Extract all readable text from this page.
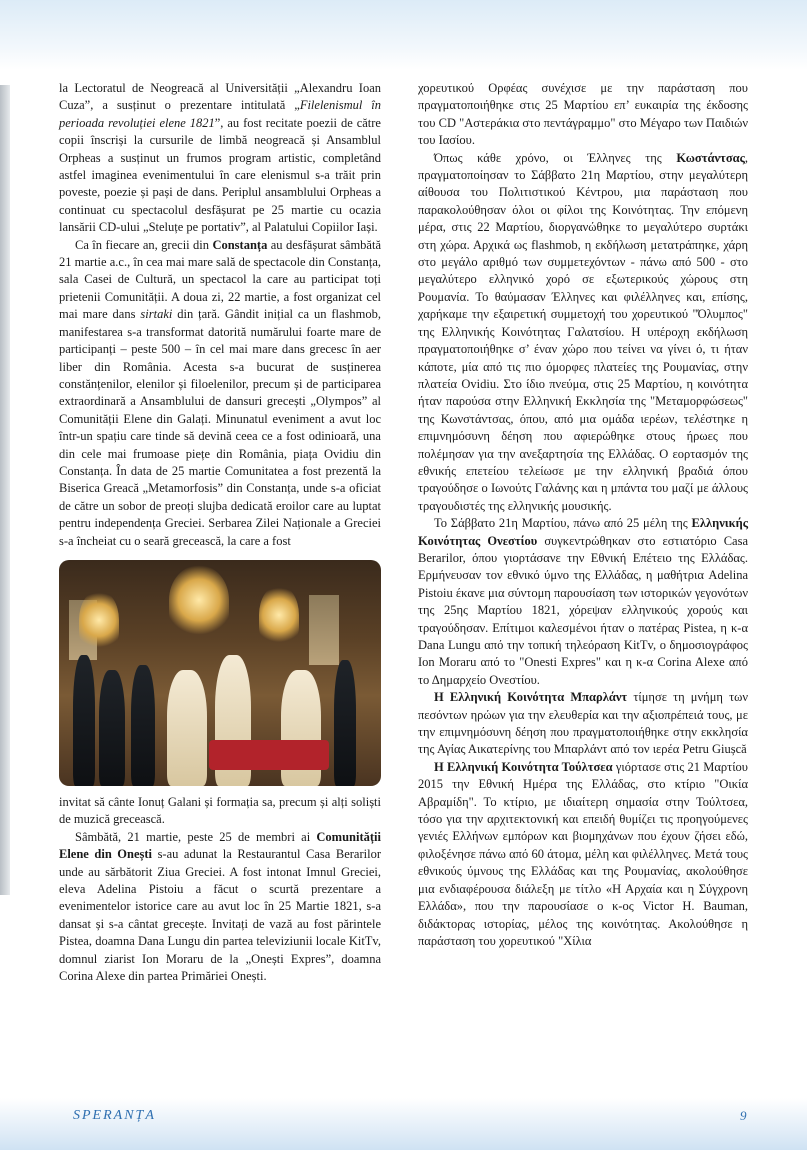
la Lectoratul de Neogreacă al Universității „Alexandru Ioan Cuza”, a susținut o prezentare intitulată „Filelenismul în perioada revoluției elene 1821”, au fost recitate poezii de către copii înscriși la cursurile de limbă neogreacă și Ansamblul Orpheas a susținut un frumos program artistic, completând astfel imaginea evenimentului în care elenismul s-a trăit prin poveste, poezie și pași de dans. Periplul ansamblului Orpheas a continuat cu spectacolul desfășurat pe 25 martie cu ocazia lansării CD-ului „Steluțe pe portativ”, al Palatului Copiilor Iași.

Ca în fiecare an, grecii din Constanța au desfășurat sâmbătă 21 martie a.c., în cea mai mare sală de spectacole din Constanța, sala Casei de Cultură, un spectacol la care au participat toți prietenii Comunității. A doua zi, 22 martie, a fost organizat cel mai mare dans sirtaki din țară. Gândit inițial ca un flashmob, manifestarea s-a transformat datorită numărului foarte mare de participanți – peste 500 – în cel mai mare dans grecesc în aer liber din România. Acesta s-a bucurat de susținerea constănțenilor, elenilor și filoelenilor, precum și de participarea extraordinară a Ansamblului de dansuri grecești „Olympos” al Comunității Elene din Galați. Minunatul eveniment a avut loc într-un spațiu care tinde să devină ceea ce a fost odinioară, una din cele mai frumoase piețe din România, piața Ovidiu din Constanța. În data de 25 martie Comunitatea a fost prezentă la Biserica Greacă „Metamorfosis” din Constanța, unde s-a oficiat de către un sobor de preoți slujba dedicată eroilor care au luptat pentru independența Greciei. Serbarea Zilei Naționale a Greciei s-a încheiat cu o seară grecească, la care a fost

invitat să cânte Ionuț Galani și formația sa, precum și alți soliști de muzică grecească.

Sâmbătă, 21 martie, peste 25 de membri ai Comunității Elene din Onești s-au adunat la Restaurantul Casa Berarilor unde au sărbătorit Ziua Greciei. A fost intonat Imnul Greciei, eleva Adelina Pistoiu a făcut o scurtă prezentare a evenimentelor istorice care au avut loc în 25 Martie 1821, s-a dansat și s-a cântat grecește. Invitați de vază au fost părintele Pistea, doamna Dana Lungu din partea televiziunii locale KitTv, domnul ziarist Ion Moraru de la „Onești Expres”, doamna Corina Alexe din partea Primăriei Onești.

χορευτικού Ορφέας συνέχισε με την παράσταση που πραγματοποιήθηκε στις 25 Μαρτίου επ’ ευκαιρία της έκδοσης του CD "Αστεράκια στο πεντάγραμμο" στο Μέγαρο των Παιδιών του Ιασίου.

Όπως κάθε χρόνο, οι Έλληνες της Κωστάντσας, πραγματοποίησαν το Σάββατο 21η Μαρτίου, στην μεγαλύτερη αίθουσα του Πολιτιστικού Κέντρου, μια παράσταση που παρακολούθησαν όλοι οι φίλοι της Κοινότητας. Την επόμενη μέρα, στις 22 Μαρτίου, διοργανώθηκε το μεγαλύτερο συρτάκι στη χώρα. Αρχικά ως flashmob, η εκδήλωση μετατράπηκε, χάρη στο μεγάλο αριθμό των συμμετεχόντων - πάνω από 500 - στο μεγαλύτερο ελληνικό χορό σε εξωτερικούς χώρους στη Ρουμανία. Το θαύμασαν Έλληνες και φιλέλληνες και, επίσης, χαρήκαμε την εξαιρετική συμμετοχή του χορευτικού "Όλυμπος" της Ελληνικής Κοινότητας Γαλατσίου. Η υπέροχη εκδήλωση πραγματοποιήθηκε σ’ έναν χώρο που τείνει να γίνει ό, τι ήταν κάποτε, μία από τις πιο όμορφες πλατείες της Ρουμανίας, στην πλατεία Ovidiu. Στο ίδιο πνεύμα, στις 25 Μαρτίου, η κοινότητα ήταν παρούσα στην Ελληνική Εκκλησία της "Μεταμορφώσεως" της Κωνστάντσας, όπου, από μια ομάδα ιερέων, τελέστηκε η επιμνημόσυνη δέηση που αφιερώθηκε στους ήρωες που πολέμησαν για την ανεξαρτησία της Ελλάδας. Ο εορτασμόν της εθνικής επετείου τελείωσε με την ελληνική βραδιά όπου τραγούδησε ο Ιωνούτς Γαλάνης και η μπάντα του μαζί με άλλους τραγουδιστές της ελληνικής μουσικής.

Το Σάββατο 21η Μαρτίου, πάνω από 25 μέλη της Ελληνικής Κοινότητας Ονεστίου συγκεντρώθηκαν στο εστιατόριο Casa Berarilor, όπου γιορτάσανε την Εθνική Επέτειο της Ελλάδας. Ερμήνευσαν τον εθνικό ύμνο της Ελλάδας, η μαθήτρια Adelina Pistoiu έκανε μια σύντομη παρουσίαση των ιστορικών γεγονότων της 25ης Μαρτίου 1821, χόρεψαν ελληνικούς χορούς και τραγούδησαν. Επίτιμοι καλεσμένοι ήταν ο πατέρας Pistea, η κ-α Dana Lungu από την τοπική τηλεόραση KitTv, ο δημοσιογράφος Ion Moraru από το "Onesti Expres" και η κ-α Corina Alexe από το Δημαρχείο Ονεστίου.

Η Ελληνική Κοινότητα Μπαρλάντ τίμησε τη μνήμη των πεσόντων ηρώων για την ελευθερία και την αξιοπρέπειά τους, με την επιμνημόσυνη δέηση που πραγματοποιήθηκε στην εκκλησία της Αγίας Αικατερίνης του Μπαρλάντ από τον ιερέα Petru Giușcă

Η Ελληνική Κοινότητα Τούλτσεα γιόρτασε στις 21 Μαρτίου 2015 την Εθνική Ημέρα της Ελλάδας, στο κτίριο "Οικία Αβραμίδη". Το κτίριο, με ιδιαίτερη σημασία στην Τούλτσεα, τόσο για την αρχιτεκτονική και επειδή θυμίζει τις προηγούμενες γενιές Ελλήνων εμπόρων και βιομηχάνων που έχουν ζήσει εδώ, φιλοξένησε πάνω από 60 άτομα, μέλη και φιλέλληνες. Μετά τους εθνικούς ύμνους της Ελλάδας και της Ρουμανίας, ακολούθησε μια ενδιαφέρουσα διάλεξη με τίτλο «Η Αρχαία και η Σύγχρονη Ελλάδα», που την παρουσίασε ο κ-ος Victor H. Bauman, διδάκτορας ιστορίας, μέλος της κοινότητας. Ακολούθησε η παράσταση του χορευτικού "Χίλια

SPERANȚA	9
